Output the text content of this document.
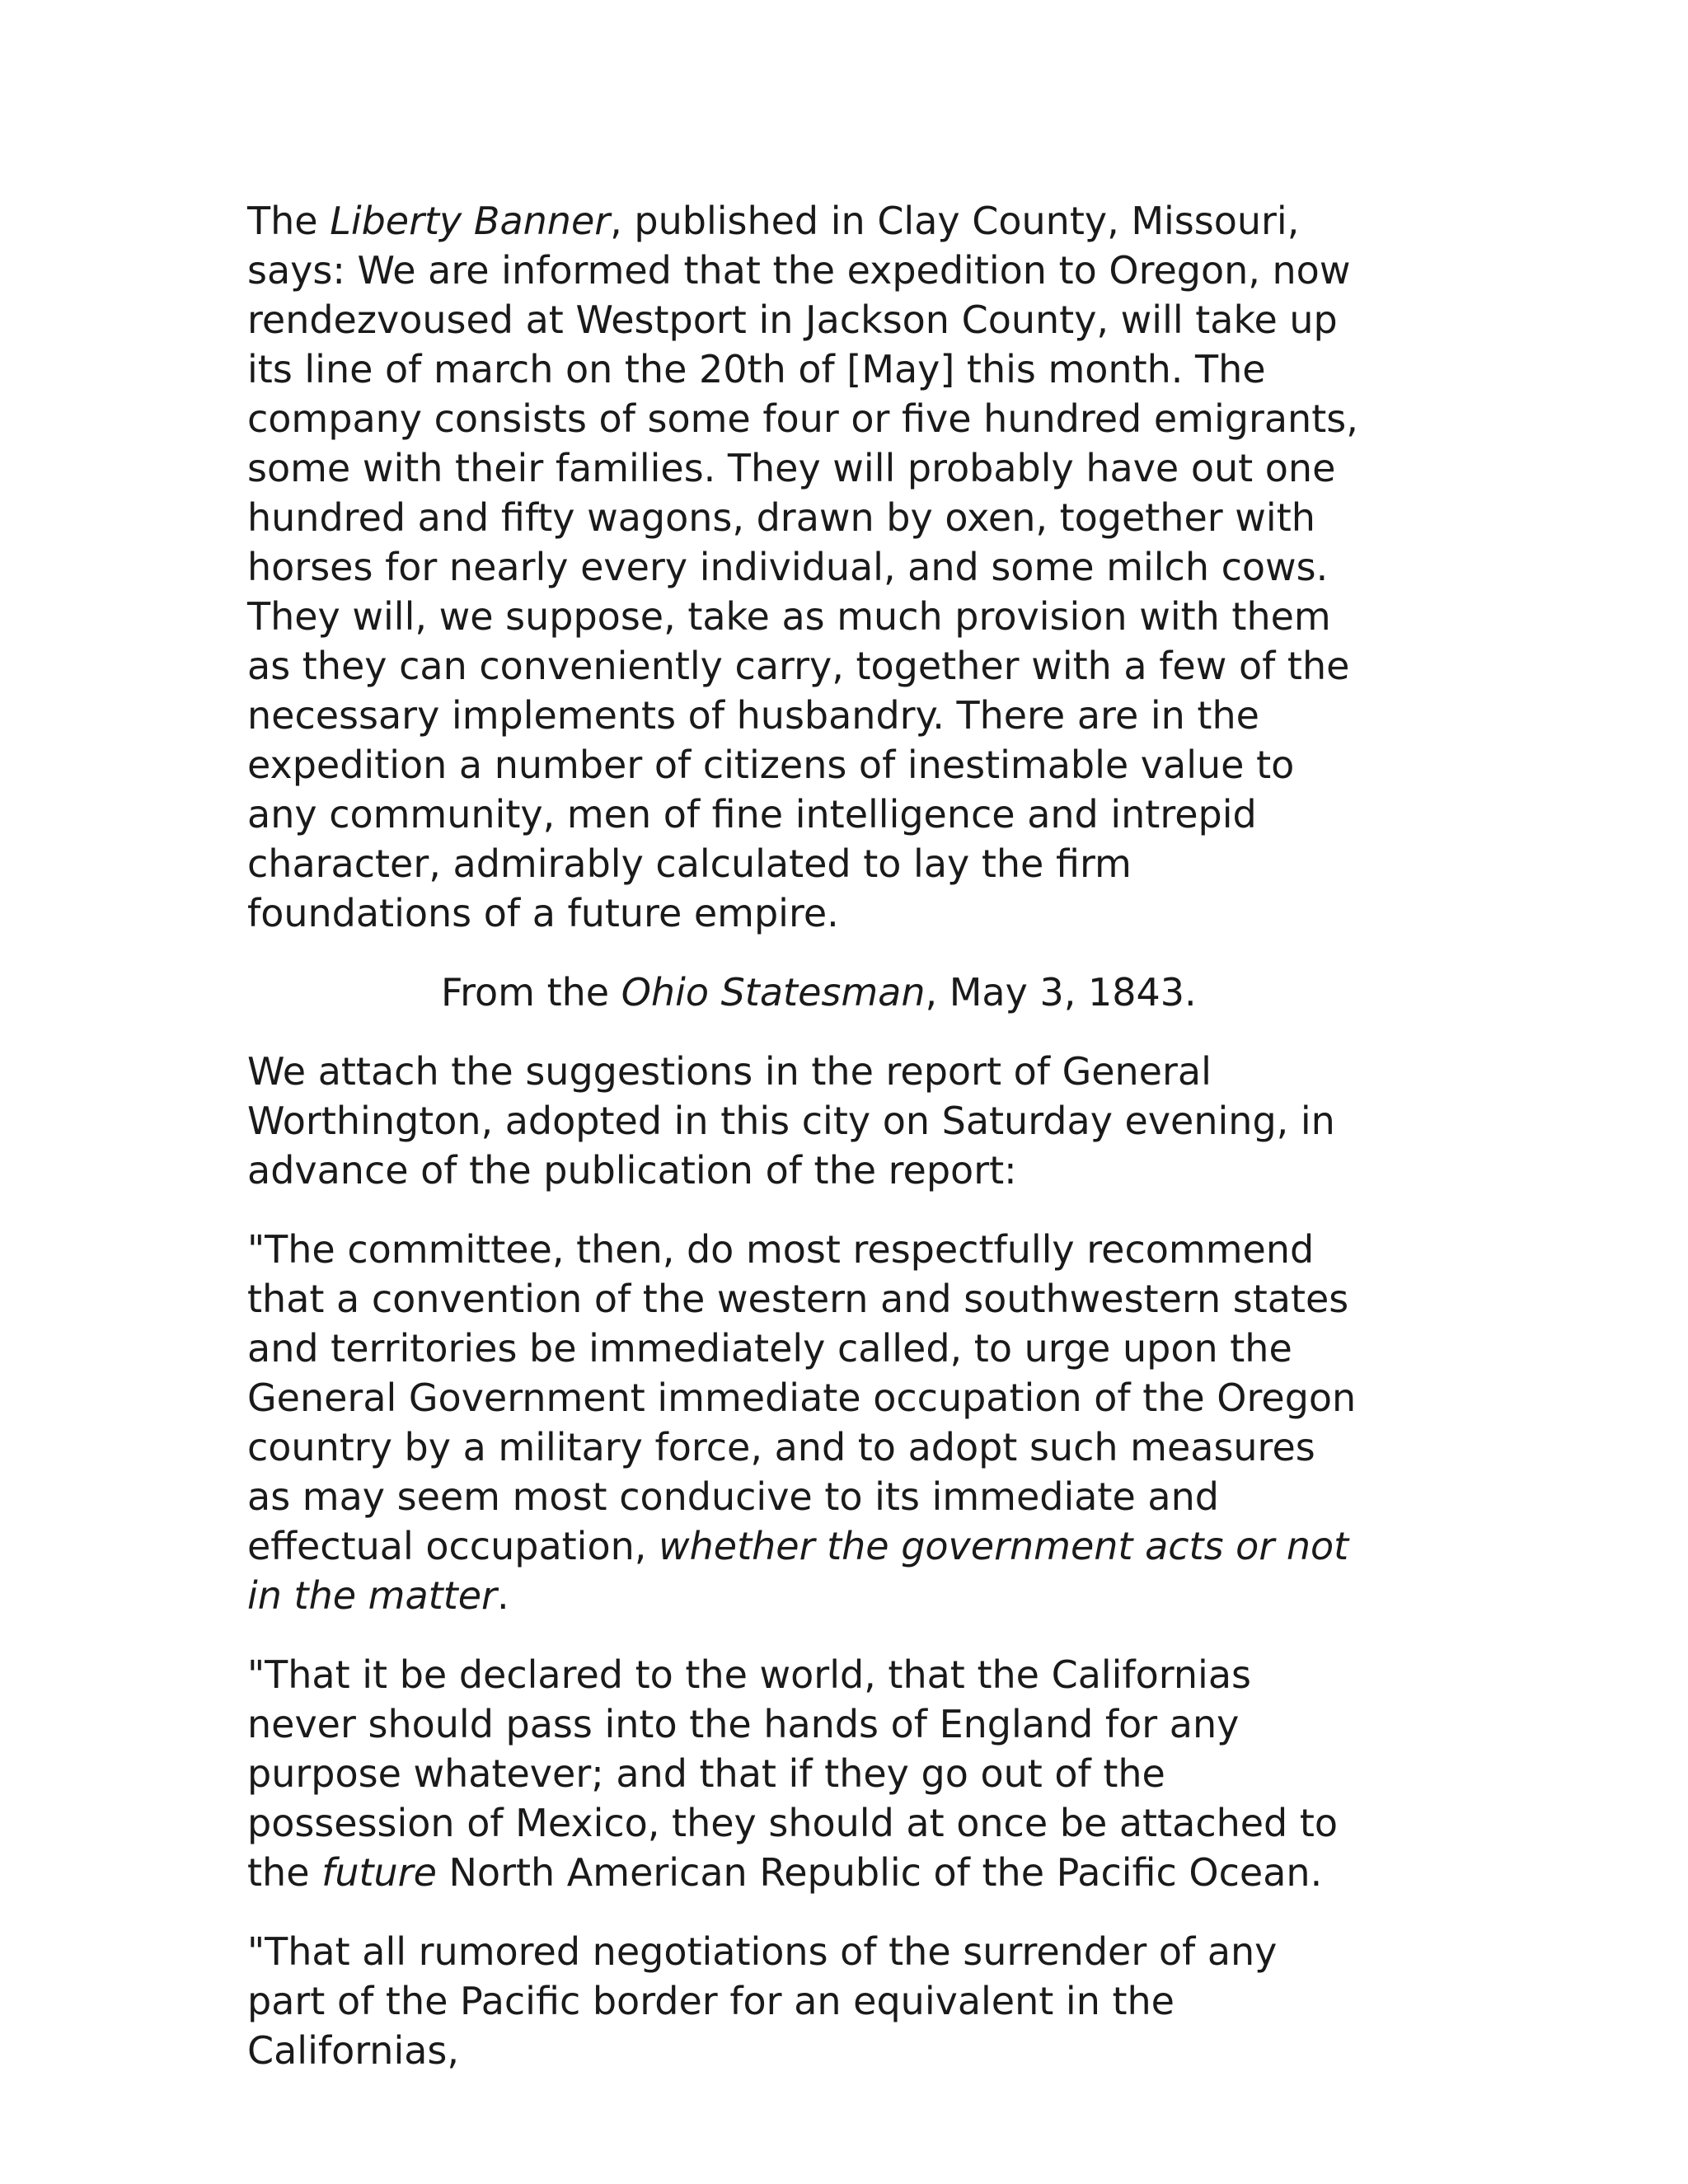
The Liberty Banner, published in Clay County, Missouri, says: We are informed that the expedition to Oregon, now rendezvoused at Westport in Jackson County, will take up its line of march on the 20th of [May] this month. The company consists of some four or five hundred emigrants, some with their families. They will probably have out one hundred and fifty wagons, drawn by oxen, together with horses for nearly every individual, and some milch cows. They will, we suppose, take as much provision with them as they can conveniently carry, together with a few of the necessary implements of husbandry. There are in the expedition a number of citizens of inestimable value to any community, men of fine intelligence and intrepid character, admirably calculated to lay the firm foundations of a future empire.

From the Ohio Statesman, May 3, 1843.

We attach the suggestions in the report of General Worthington, adopted in this city on Saturday evening, in advance of the publication of the report:

"The committee, then, do most respectfully recommend that a convention of the western and southwestern states and territories be immediately called, to urge upon the General Government immediate occupation of the Oregon country by a military force, and to adopt such measures as may seem most conducive to its immediate and effectual occupation, whether the government acts or not in the matter.

"That it be declared to the world, that the Californias never should pass into the hands of England for any purpose whatever; and that if they go out of the possession of Mexico, they should at once be attached to the future North American Republic of the Pacific Ocean.

"That all rumored negotiations of the surrender of any part of the Pacific border for an equivalent in the Californias,
